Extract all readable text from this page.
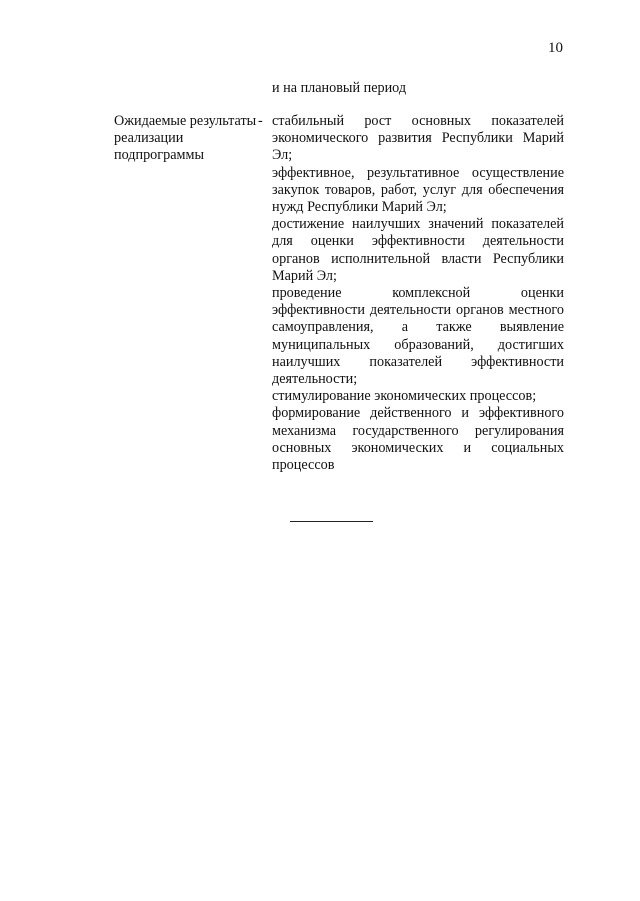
10
и на плановый период
Ожидаемые результаты реализации подпрограммы
- стабильный рост основных показателей экономического развития Республики Марий Эл;

эффективное, результативное осуществление закупок товаров, работ, услуг для обеспечения нужд Республики Марий Эл;

достижение наилучших значений показателей для оценки эффективности деятельности органов исполнительной власти Республики Марий Эл;

проведение комплексной оценки эффективности деятельности органов местного самоуправления, а также выявление муниципальных образований, достигших наилучших показателей эффективности деятельности;

стимулирование экономических процессов;

формирование действенного и эффективного механизма государственного регулирования основных экономических и социальных процессов
